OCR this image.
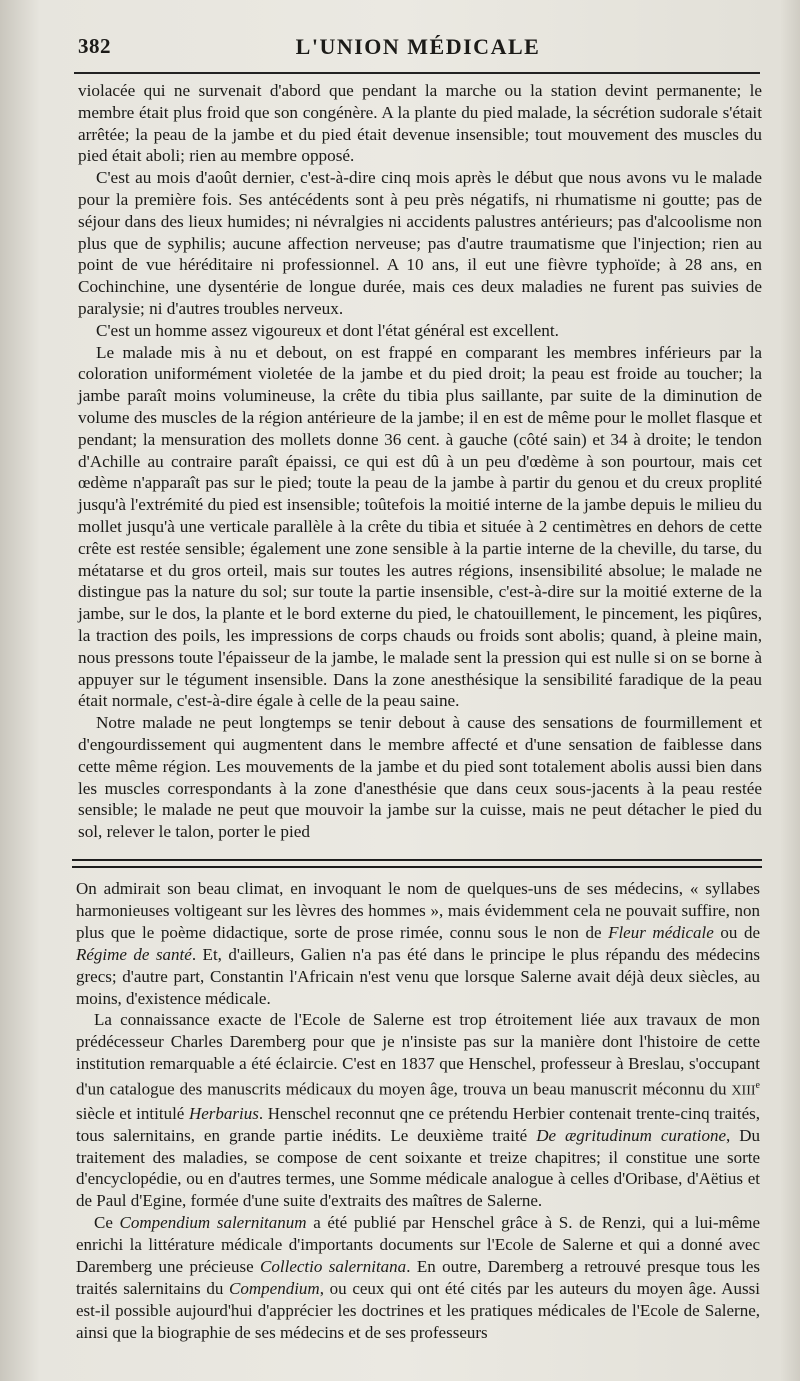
382	L'UNION MÉDICALE

violacée qui ne survenait d'abord que pendant la marche ou la station devint permanente; le membre était plus froid que son congénère. A la plante du pied malade, la sécrétion sudorale s'était arrêtée; la peau de la jambe et du pied était devenue insensible; tout mouvement des muscles du pied était aboli; rien au membre opposé.

C'est au mois d'août dernier, c'est-à-dire cinq mois après le début que nous avons vu le malade pour la première fois. Ses antécédents sont à peu près négatifs, ni rhumatisme ni goutte; pas de séjour dans des lieux humides; ni névralgies ni accidents palustres antérieurs; pas d'alcoolisme non plus que de syphilis; aucune affection nerveuse; pas d'autre traumatisme que l'injection; rien au point de vue héréditaire ni professionnel. A 10 ans, il eut une fièvre typhoïde; à 28 ans, en Cochinchine, une dysentérie de longue durée, mais ces deux maladies ne furent pas suivies de paralysie; ni d'autres troubles nerveux.

C'est un homme assez vigoureux et dont l'état général est excellent.

Le malade mis à nu et debout, on est frappé en comparant les membres inférieurs par la coloration uniformément violetée de la jambe et du pied droit; la peau est froide au toucher; la jambe paraît moins volumineuse, la crête du tibia plus saillante, par suite de la diminution de volume des muscles de la région antérieure de la jambe; il en est de même pour le mollet flasque et pendant; la mensuration des mollets donne 36 cent. à gauche (côté sain) et 34 à droite; le tendon d'Achille au contraire paraît épaissi, ce qui est dû à un peu d'œdème à son pourtour, mais cet œdème n'apparaît pas sur le pied; toute la peau de la jambe à partir du genou et du creux proplité jusqu'à l'extrémité du pied est insensible; toûtefois la moitié interne de la jambe depuis le milieu du mollet jusqu'à une verticale parallèle à la crête du tibia et située à 2 centimètres en dehors de cette crête est restée sensible; également une zone sensible à la partie interne de la cheville, du tarse, du métatarse et du gros orteil, mais sur toutes les autres régions, insensibilité absolue; le malade ne distingue pas la nature du sol; sur toute la partie insensible, c'est-à-dire sur la moitié externe de la jambe, sur le dos, la plante et le bord externe du pied, le chatouillement, le pincement, les piqûres, la traction des poils, les impressions de corps chauds ou froids sont abolis; quand, à pleine main, nous pressons toute l'épaisseur de la jambe, le malade sent la pression qui est nulle si on se borne à appuyer sur le tégument insensible. Dans la zone anesthésique la sensibilité faradique de la peau était normale, c'est-à-dire égale à celle de la peau saine.

Notre malade ne peut longtemps se tenir debout à cause des sensations de fourmillement et d'engourdissement qui augmentent dans le membre affecté et d'une sensation de faiblesse dans cette même région. Les mouvements de la jambe et du pied sont totalement abolis aussi bien dans les muscles correspondants à la zone d'anesthésie que dans ceux sous-jacents à la peau restée sensible; le malade ne peut que mouvoir la jambe sur la cuisse, mais ne peut détacher le pied du sol, relever le talon, porter le pied

On admirait son beau climat, en invoquant le nom de quelques-uns de ses médecins, « syllabes harmonieuses voltigeant sur les lèvres des hommes », mais évidemment cela ne pouvait suffire, non plus que le poème didactique, sorte de prose rimée, connu sous le non de Fleur médicale ou de Régime de santé. Et, d'ailleurs, Galien n'a pas été dans le principe le plus répandu des médecins grecs; d'autre part, Constantin l'Africain n'est venu que lorsque Salerne avait déjà deux siècles, au moins, d'existence médicale.

La connaissance exacte de l'Ecole de Salerne est trop étroitement liée aux travaux de mon prédécesseur Charles Daremberg pour que je n'insiste pas sur la manière dont l'histoire de cette institution remarquable a été éclaircie. C'est en 1837 que Henschel, professeur à Breslau, s'occupant d'un catalogue des manuscrits médicaux du moyen âge, trouva un beau manuscrit méconnu du XIIIe siècle et intitulé Herbarius. Henschel reconnut qne ce prétendu Herbier contenait trente-cinq traités, tous salernitains, en grande partie inédits. Le deuxième traité De ægritudinum curatione, Du traitement des maladies, se compose de cent soixante et treize chapitres; il constitue une sorte d'encyclopédie, ou en d'autres termes, une Somme médicale analogue à celles d'Oribase, d'Aëtius et de Paul d'Egine, formée d'une suite d'extraits des maîtres de Salerne.

Ce Compendium salernitanum a été publié par Henschel grâce à S. de Renzi, qui a lui-même enrichi la littérature médicale d'importants documents sur l'Ecole de Salerne et qui a donné avec Daremberg une précieuse Collectio salernitana. En outre, Daremberg a retrouvé presque tous les traités salernitains du Compendium, ou ceux qui ont été cités par les auteurs du moyen âge. Aussi est-il possible aujourd'hui d'apprécier les doctrines et les pratiques médicales de l'Ecole de Salerne, ainsi que la biographie de ses médecins et de ses professeurs
